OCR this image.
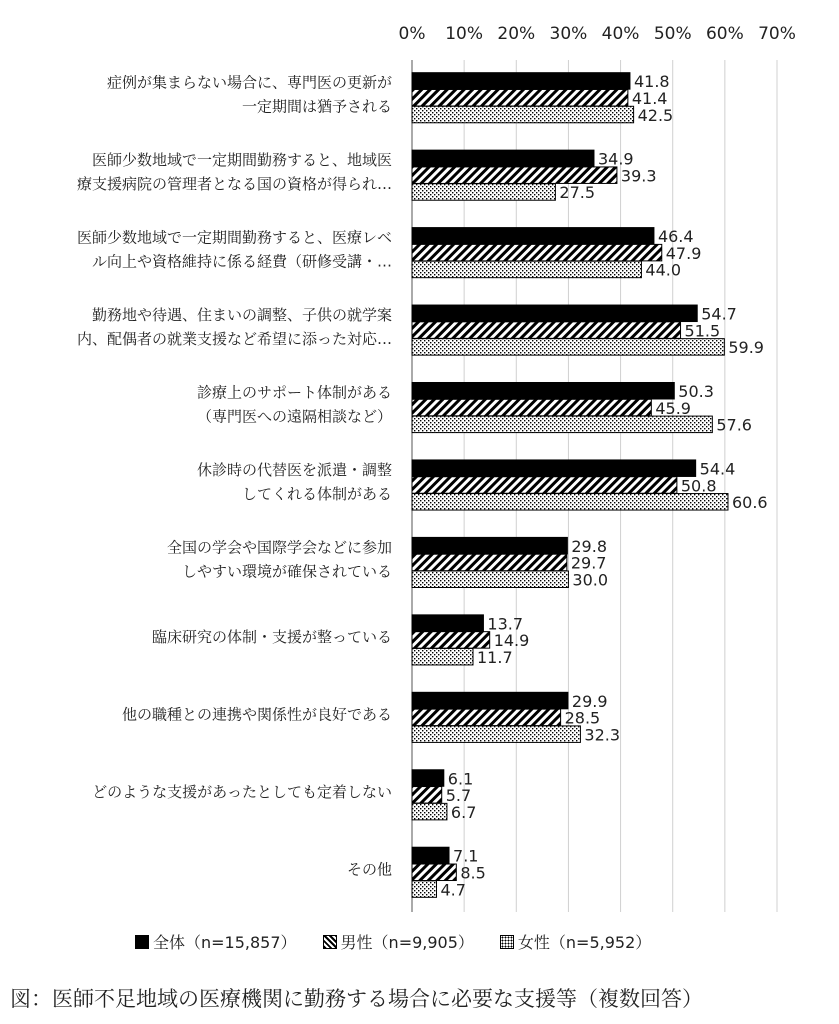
0% 10% 20% 30% 40% 50% 60% 70%
症例が集まらない場合に、専門医の更新が
一定期間は猶予される
医師少数地域で一定期間勤務すると、地域医
療支援病院の管理者となる国の資格が得られ…
医師少数地域で一定期間勤務すると、医療レベ
ル向上や資格維持に係る経費（研修受講・…
勤務地や待遇、住まいの調整、子供の就学案
内、配偶者の就業支援など希望に添った対応…
診療上のサポート体制がある
（専門医への遠隔相談など）
休診時の代替医を派遣・調整
してくれる体制がある
全国の学会や国際学会などに参加
しやすい環境が確保されている
臨床研究の体制・支援が整っている
他の職種との連携や関係性が良好である
どのような支援があったとしても定着しない
その他
41.8
41.4
42.5
34.9
39.3
27.5
46.4
47.9
44.0
54.7
51.5
59.9
50.3
45.9
57.6
54.4
50.8
60.6
29.8
29.7
30.0
13.7
14.9
11.7
29.9
28.5
32.3
6.1
5.7
6.7
7.1
8.5
4.7
全体（n=15,857）	男性（n=9,905）	女性（n=5,952）
図：医師不足地域の医療機関に勤務する場合に必要な支援等（複数回答）
